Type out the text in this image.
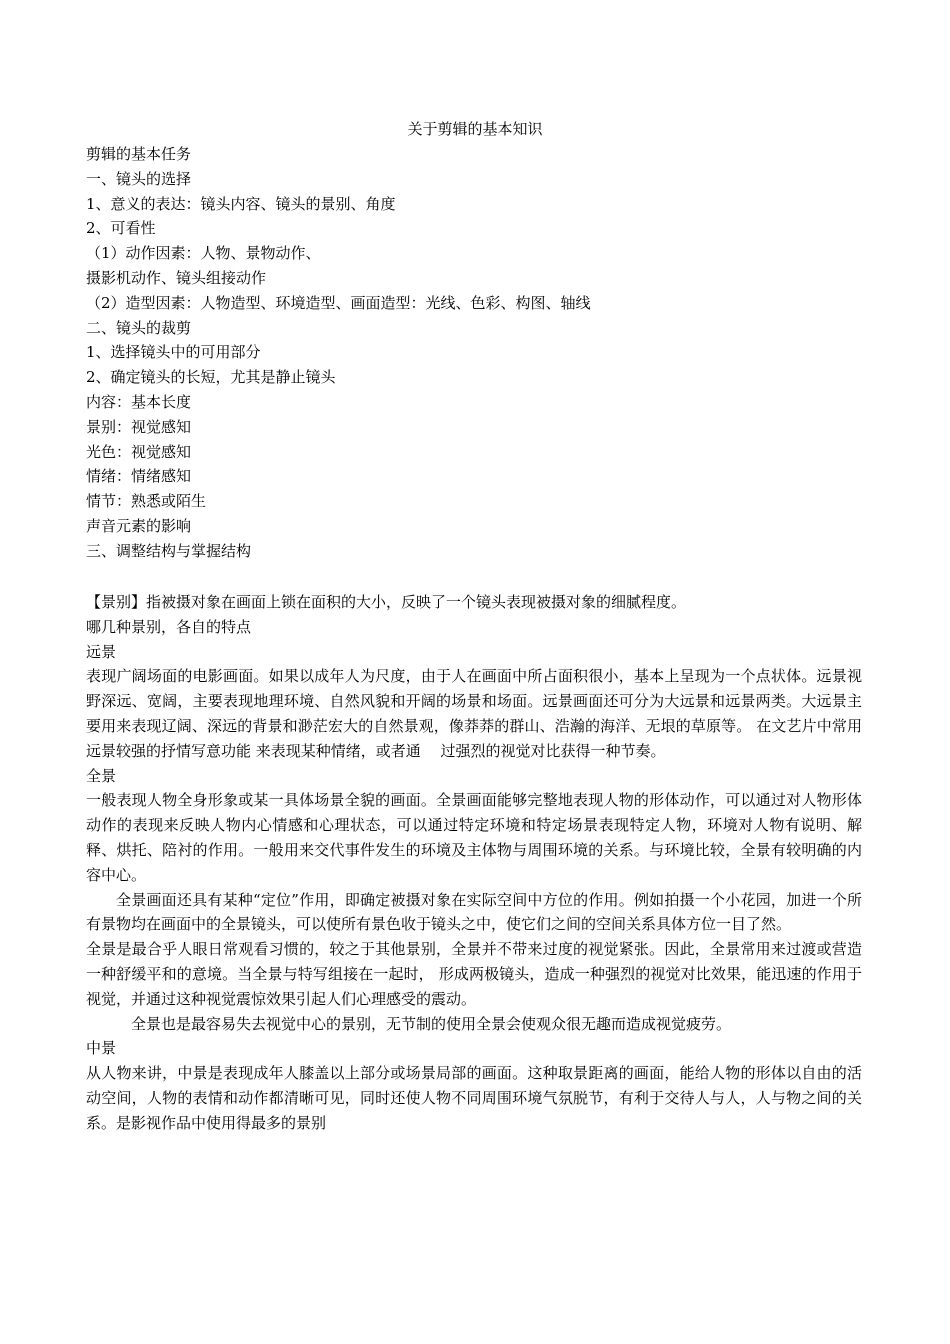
关于剪辑的基本知识
剪辑的基本任务
一、镜头的选择
1、意义的表达：镜头内容、镜头的景别、角度
2、可看性
（1）动作因素：人物、景物动作、
摄影机动作、镜头组接动作
（2）造型因素：人物造型、环境造型、画面造型：光线、色彩、构图、轴线
二、镜头的裁剪
1、选择镜头中的可用部分
2、确定镜头的长短，尤其是静止镜头
内容：基本长度
景别：视觉感知
光色：视觉感知
情绪：情绪感知
情节：熟悉或陌生
声音元素的影响
三、调整结构与掌握结构
【景别】指被摄对象在画面上锁在面积的大小，反映了一个镜头表现被摄对象的细腻程度。
哪几种景别，各自的特点
远景
表现广阔场面的电影画面。如果以成年人为尺度，由于人在画面中所占面积很小，基本上呈现为一个点状体。远景视野深远、宽阔，主要表现地理环境、自然风貌和开阔的场景和场面。远景画面还可分为大远景和远景两类。大远景主要用来表现辽阔、深远的背景和渺茫宏大的自然景观，像莽莽的群山、浩瀚的海洋、无垠的草原等。 在文艺片中常用远景较强的抒情写意功能 来表现某种情绪，或者通　 过强烈的视觉对比获得一种节奏。
全景
一般表现人物全身形象或某一具体场景全貌的画面。全景画面能够完整地表现人物的形体动作，可以通过对人物形体动作的表现来反映人物内心情感和心理状态，可以通过特定环境和特定场景表现特定人物，环境对人物有说明、解释、烘托、陪衬的作用。一般用来交代事件发生的环境及主体物与周围环境的关系。与环境比较，全景有较明确的内容中心。
全景画面还具有某种“定位”作用，即确定被摄对象在实际空间中方位的作用。例如拍摄一个小花园，加进一个所有景物均在画面中的全景镜头，可以使所有景色收于镜头之中，使它们之间的空间关系具体方位一目了然。
全景是最合乎人眼日常观看习惯的，较之于其他景别，全景并不带来过度的视觉紧张。因此，全景常用来过渡或营造一种舒缓平和的意境。当全景与特写组接在一起时， 形成两极镜头，造成一种强烈的视觉对比效果，能迅速的作用于视觉，并通过这种视觉震惊效果引起人们心理感受的震动。
全景也是最容易失去视觉中心的景别，无节制的使用全景会使观众很无趣而造成视觉疲劳。
中景
从人物来讲，中景是表现成年人膝盖以上部分或场景局部的画面。这种取景距离的画面，能给人物的形体以自由的活动空间，人物的表情和动作都清晰可见，同时还使人物不同周围环境气氛脱节，有利于交待人与人，人与物之间的关系。是影视作品中使用得最多的景别
